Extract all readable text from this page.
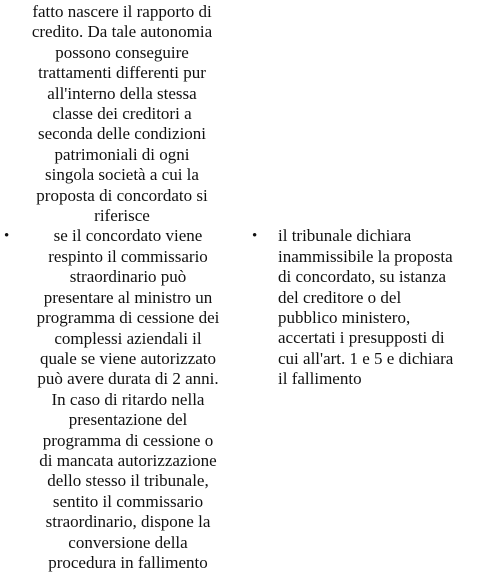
fatto nascere il rapporto di
credito. Da tale autonomia
possono conseguire
trattamenti differenti pur
all'interno della stessa
classe dei creditori a
seconda delle condizioni
patrimoniali di ogni
singola società a cui la
proposta di concordato si
riferisce
•	se il concordato viene
respinto il commissario
straordinario può
presentare al ministro un
programma di cessione dei
complessi aziendali il
quale se viene autorizzato
può avere durata di 2 anni.
In caso di ritardo nella
presentazione del
programma di cessione o
di mancata autorizzazione
dello stesso il tribunale,
sentito il commissario
straordinario, dispone la
conversione della
procedura in fallimento
• il tribunale dichiara
inammissibile la proposta
di concordato, su istanza
del creditore o del
pubblico ministero,
accertati i presupposti di
cui all'art. 1 e 5 e dichiara
il fallimento
